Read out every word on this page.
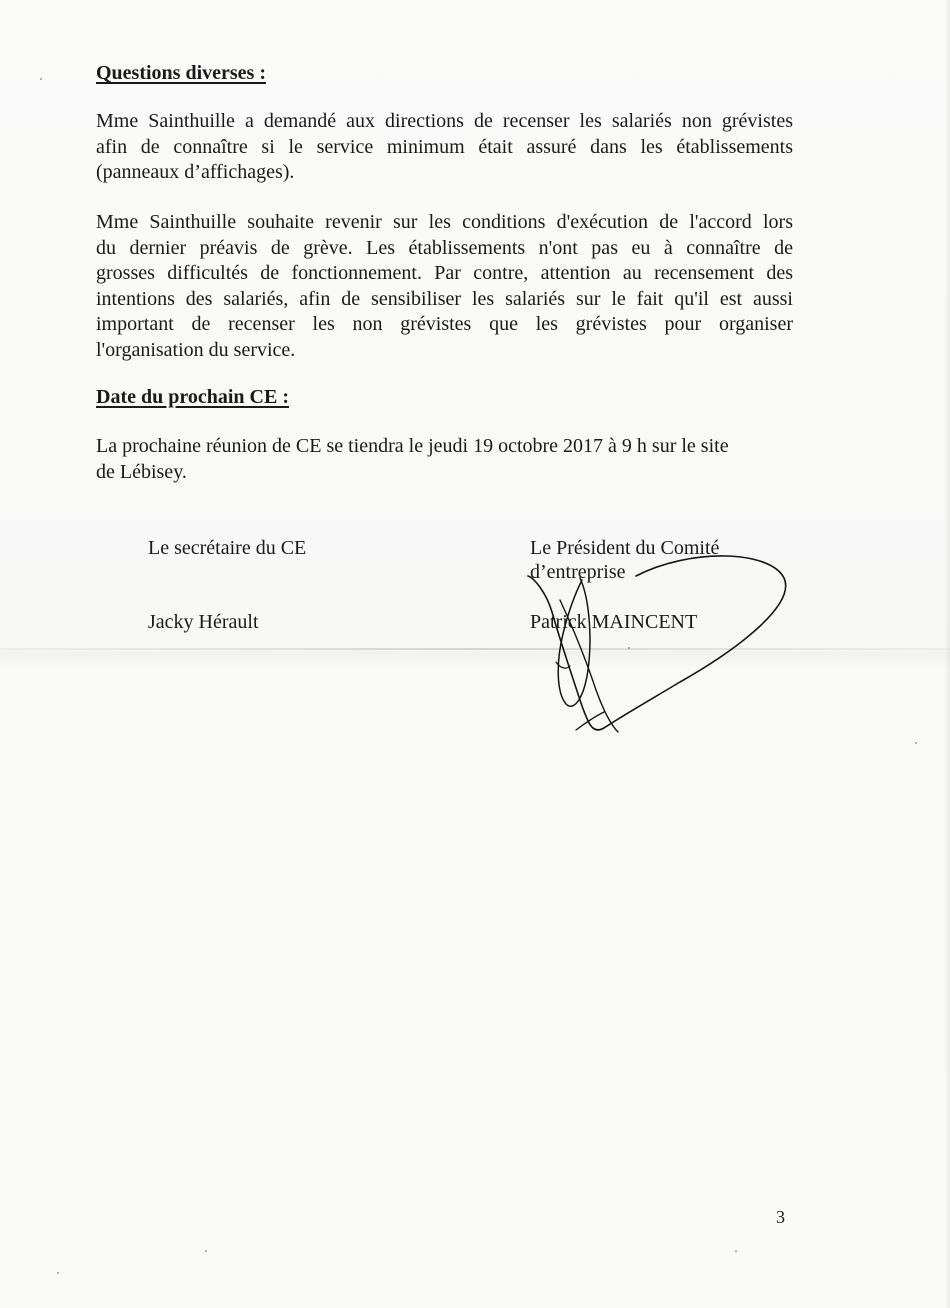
Questions diverses :

Mme Sainthuille a demandé aux directions de recenser les salariés non grévistes
afin de connaître si le service minimum était assuré dans les établissements
(panneaux d’affichages).

Mme Sainthuille souhaite revenir sur les conditions d'exécution de l'accord lors
du dernier préavis de grève. Les établissements n'ont pas eu à connaître de
grosses difficultés de fonctionnement. Par contre, attention au recensement des
intentions des salariés, afin de sensibiliser les salariés sur le fait qu'il est aussi
important de recenser les non grévistes que les grévistes pour organiser
l'organisation du service.

Date du prochain CE :

La prochaine réunion de CE se tiendra le jeudi 19 octobre 2017 à 9 h sur le site
de Lébisey.

Le secrétaire du CE

Jacky Hérault

Le Président du Comité

d’entreprise

Patrick MAINCENT

3
